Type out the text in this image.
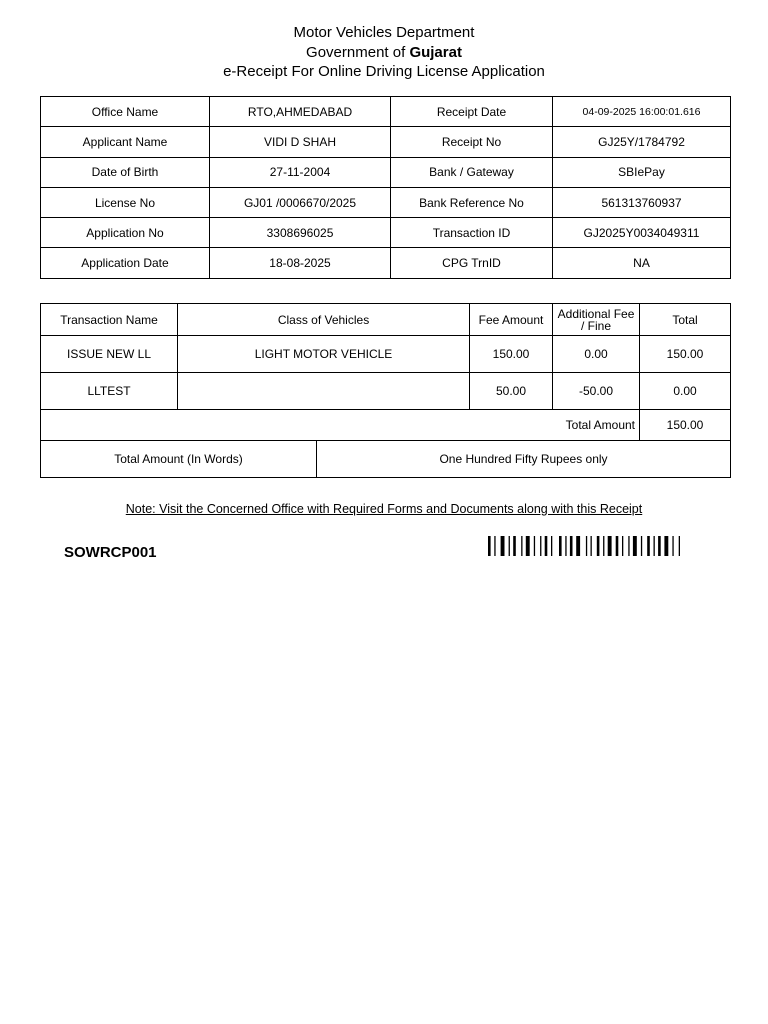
Motor Vehicles Department
Government of Gujarat
e-Receipt For Online Driving License Application
Office Name	RTO,AHMEDABAD	Receipt Date	04-09-2025 16:00:01.616
Applicant Name	VIDI D SHAH	Receipt No	GJ25Y/1784792
Date of Birth	27-11-2004	Bank / Gateway	SBIePay
License No	GJ01 /0006670/2025	Bank Reference No	561313760937
Application No	3308696025	Transaction ID	GJ2025Y0034049311
Application Date	18-08-2025	CPG TrnID	NA
Transaction Name	Class of Vehicles		Fee Amount	Additional Fee / Fine	Total
ISSUE NEW LL	LIGHT MOTOR VEHICLE		150.00	0.00	150.00
LLTEST			50.00	-50.00	0.00
Total Amount					150.00
Total Amount (In Words)		One Hundred Fifty Rupees only			
Note: Visit the Concerned Office with Required Forms and Documents along with this Receipt
SOWRCP001
